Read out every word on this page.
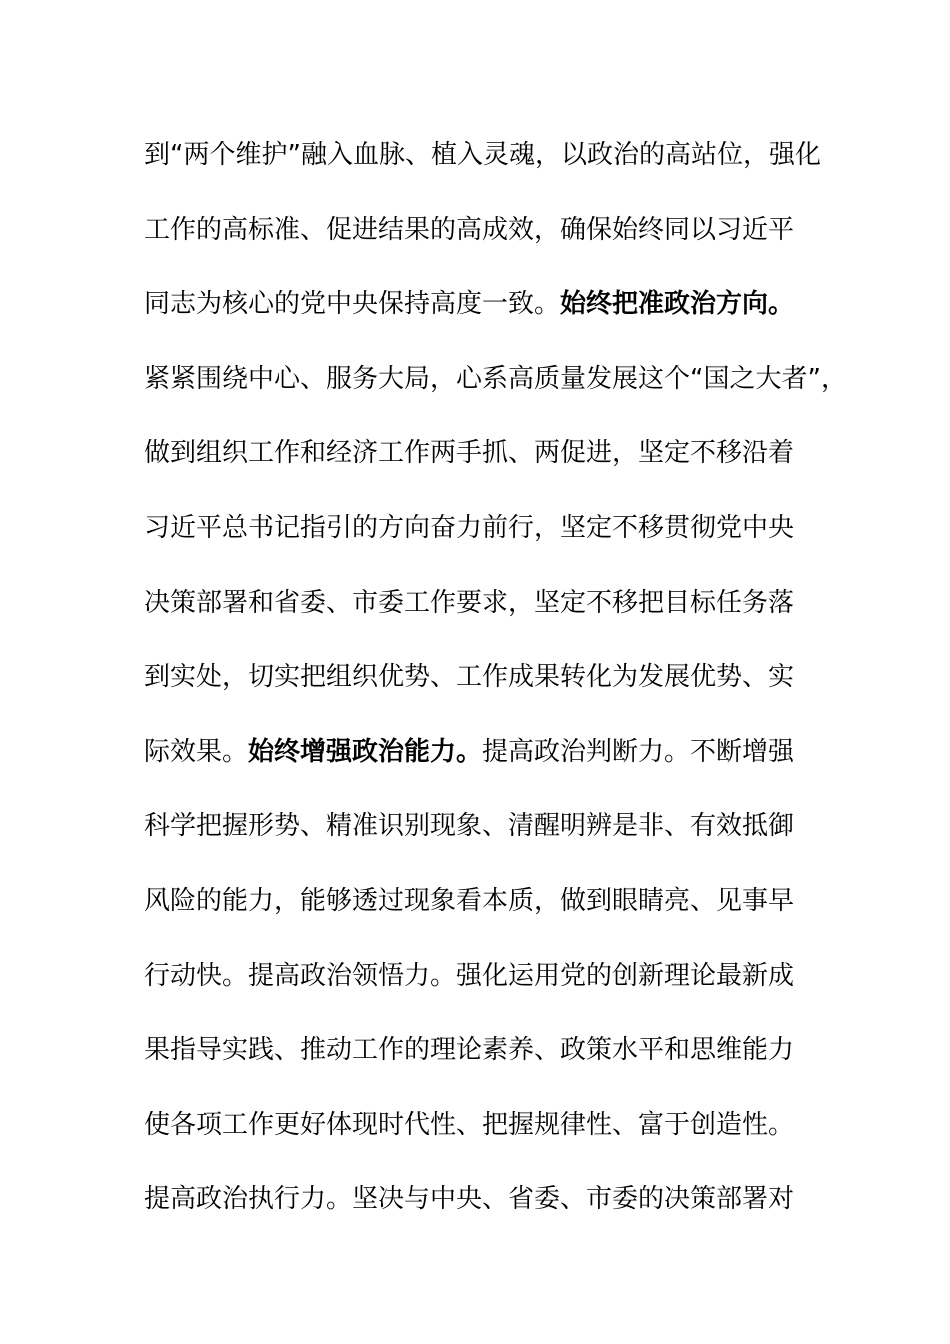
到“两个维护”融入血脉、植入灵魂，以政治的高站位，强化
工作的高标准、促进结果的高成效，确保始终同以习近平
同志为核心的党中央保持高度一致。始终把准政治方向。
紧紧围绕中心、服务大局，心系高质量发展这个“国之大者”，
做到组织工作和经济工作两手抓、两促进，坚定不移沿着
习近平总书记指引的方向奋力前行，坚定不移贯彻党中央
决策部署和省委、市委工作要求，坚定不移把目标任务落
到实处，切实把组织优势、工作成果转化为发展优势、实
际效果。始终增强政治能力。提高政治判断力。不断增强
科学把握形势、精准识别现象、清醒明辨是非、有效抵御
风险的能力，能够透过现象看本质，做到眼睛亮、见事早
行动快。提高政治领悟力。强化运用党的创新理论最新成
果指导实践、推动工作的理论素养、政策水平和思维能力
使各项工作更好体现时代性、把握规律性、富于创造性。
提高政治执行力。坚决与中央、省委、市委的决策部署对
